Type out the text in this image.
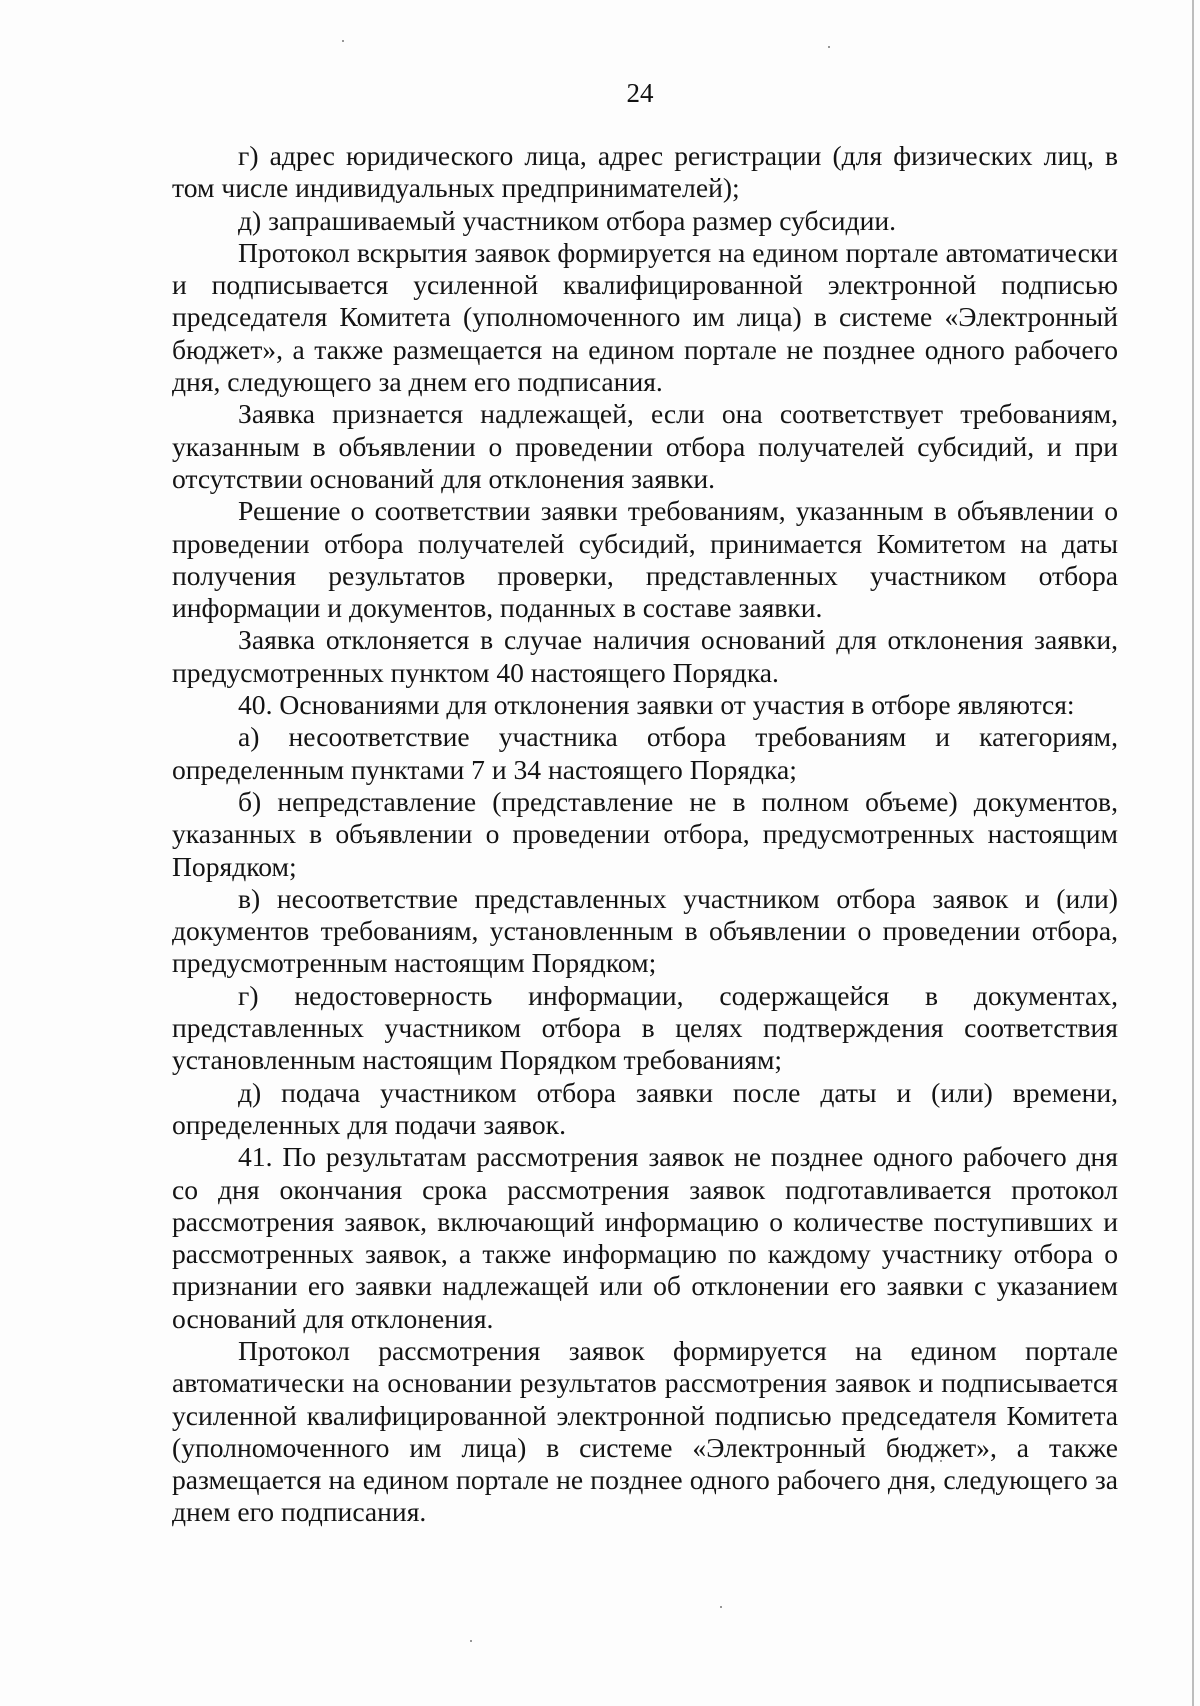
24

г) адрес юридического лица, адрес регистрации (для физических лиц, в том числе индивидуальных предпринимателей);

д) запрашиваемый участником отбора размер субсидии.

Протокол вскрытия заявок формируется на едином портале автоматически и подписывается усиленной квалифицированной электронной подписью председателя Комитета (уполномоченного им лица) в системе «Электронный бюджет», а также размещается на едином портале не позднее одного рабочего дня, следующего за днем его подписания.

Заявка признается надлежащей, если она соответствует требованиям, указанным в объявлении о проведении отбора получателей субсидий, и при отсутствии оснований для отклонения заявки.

Решение о соответствии заявки требованиям, указанным в объявлении о проведении отбора получателей субсидий, принимается Комитетом на даты получения результатов проверки, представленных участником отбора информации и документов, поданных в составе заявки.

Заявка отклоняется в случае наличия оснований для отклонения заявки, предусмотренных пунктом 40 настоящего Порядка.

40. Основаниями для отклонения заявки от участия в отборе являются:

а) несоответствие участника отбора требованиям и категориям, определенным пунктами 7 и 34 настоящего Порядка;

б) непредставление (представление не в полном объеме) документов, указанных в объявлении о проведении отбора, предусмотренных настоящим Порядком;

в) несоответствие представленных участником отбора заявок и (или) документов требованиям, установленным в объявлении о проведении отбора, предусмотренным настоящим Порядком;

г) недостоверность информации, содержащейся в документах, представленных участником отбора в целях подтверждения соответствия установленным настоящим Порядком требованиям;

д) подача участником отбора заявки после даты и (или) времени, определенных для подачи заявок.

41. По результатам рассмотрения заявок не позднее одного рабочего дня со дня окончания срока рассмотрения заявок подготавливается протокол рассмотрения заявок, включающий информацию о количестве поступивших и рассмотренных заявок, а также информацию по каждому участнику отбора о признании его заявки надлежащей или об отклонении его заявки с указанием оснований для отклонения.

Протокол рассмотрения заявок формируется на едином портале автоматически на основании результатов рассмотрения заявок и подписывается усиленной квалифицированной электронной подписью председателя Комитета (уполномоченного им лица) в системе «Электронный бюджет», а также размещается на едином портале не позднее одного рабочего дня, следующего за днем его подписания.
